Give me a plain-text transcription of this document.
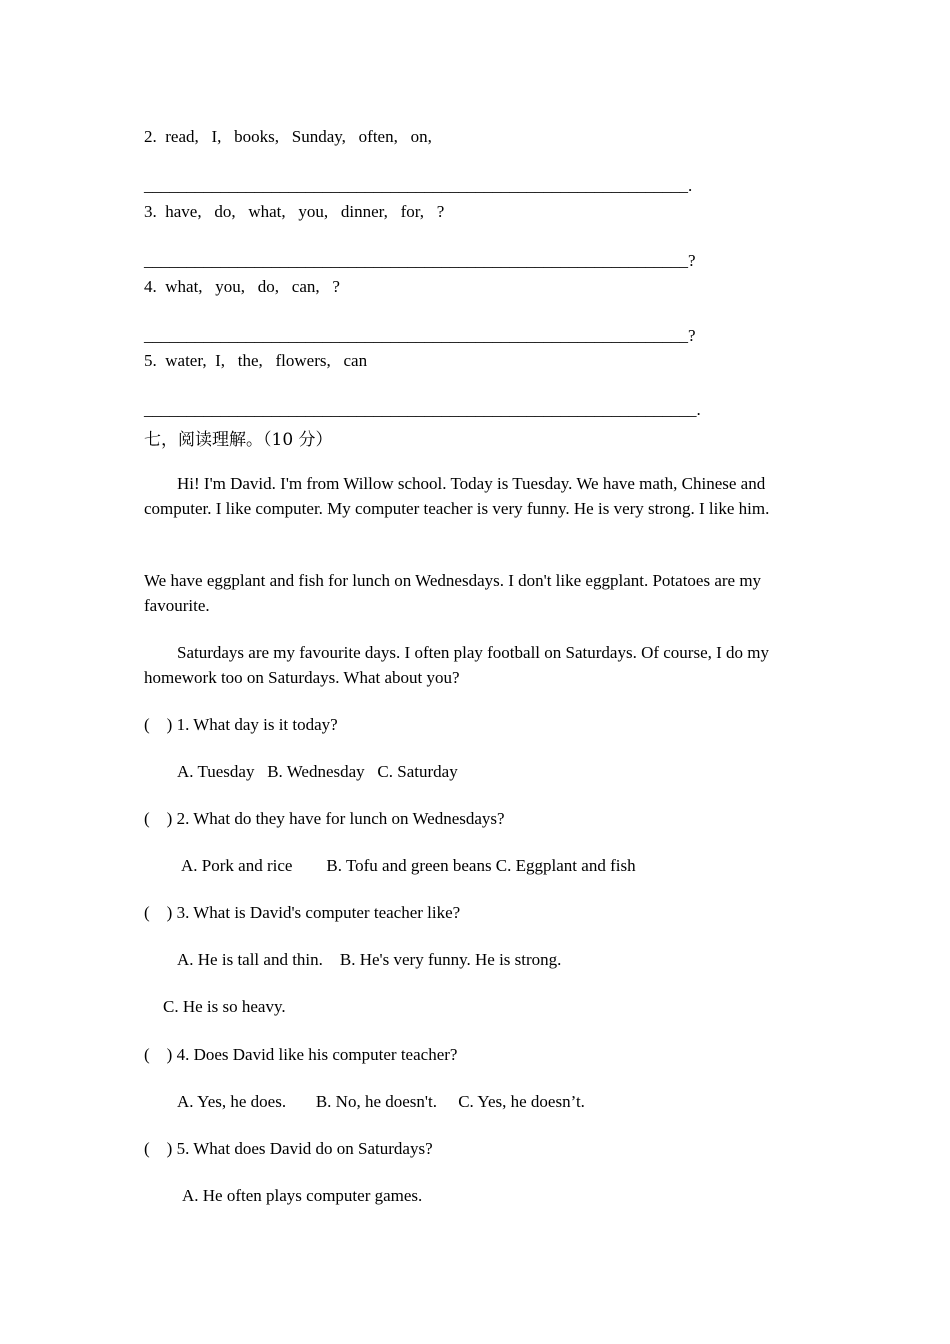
2.  read,   I,   books,   Sunday,   often,   on,
________________________________________________________________.
3.  have,   do,   what,   you,   dinner,   for,   ?
________________________________________________________________?
4.  what,   you,   do,   can,   ?
________________________________________________________________?
5.  water,  I,   the,   flowers,   can
_________________________________________________________________.
七，阅读理解。（10 分）
Hi! I'm David. I'm from Willow school. Today is Tuesday. We have math, Chinese and computer. I like computer. My computer teacher is very funny. He is very strong. I like him.
We have eggplant and fish for lunch on Wednesdays. I don't like eggplant. Potatoes are my favourite.
Saturdays are my favourite days. I often play football on Saturdays. Of course, I do my homework too on Saturdays. What about you?
(    ) 1. What day is it today?
A. Tuesday   B. Wednesday   C. Saturday
(    ) 2. What do they have for lunch on Wednesdays?
A. Pork and rice        B. Tofu and green beans C. Eggplant and fish
(    ) 3. What is David's computer teacher like?
A. He is tall and thin.    B. He's very funny. He is strong.
C. He is so heavy.
(    ) 4. Does David like his computer teacher?
A. Yes, he does.       B. No, he doesn't.     C. Yes, he doesn’t.
(    ) 5. What does David do on Saturdays?
A. He often plays computer games.
